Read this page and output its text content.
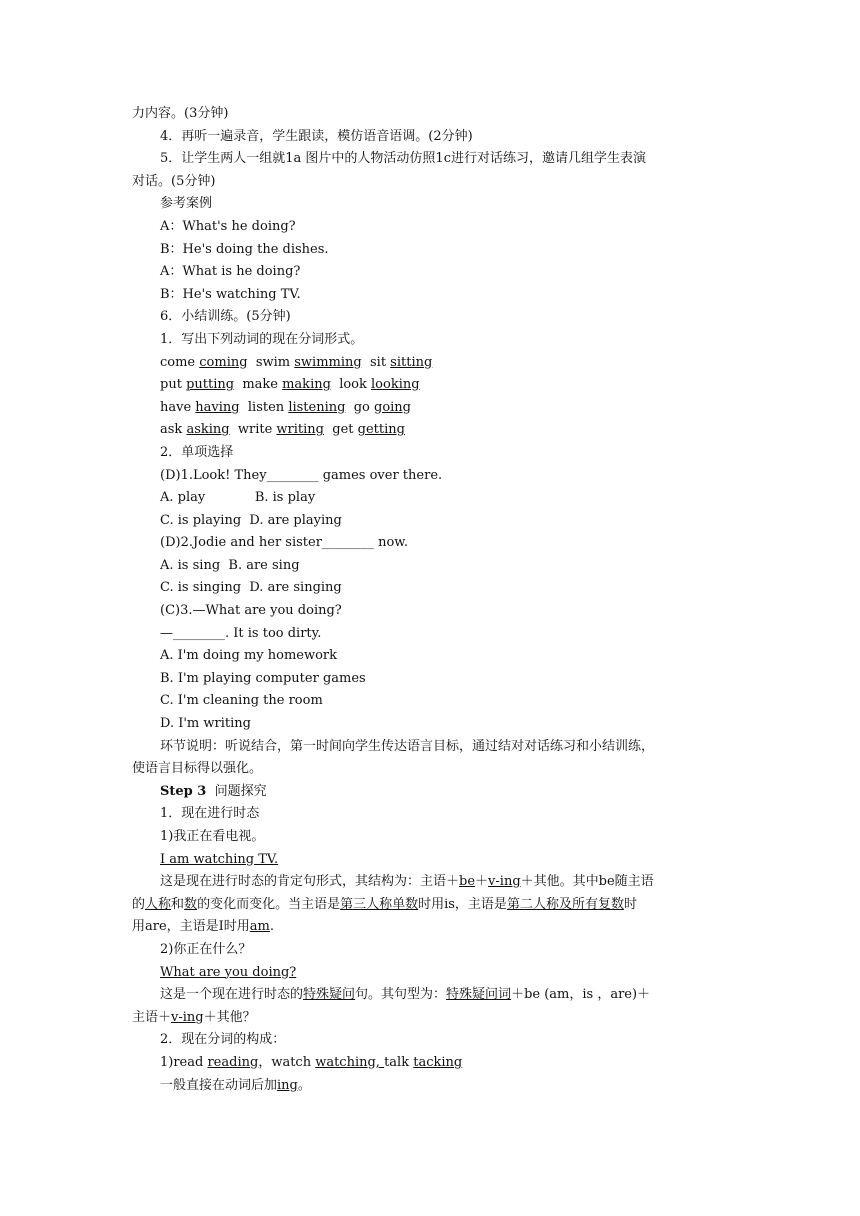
力内容。(3分钟)
4．再听一遍录音，学生跟读，模仿语音语调。(2分钟)
5．让学生两人一组就1a 图片中的人物活动仿照1c进行对话练习，邀请几组学生表演
对话。(5分钟)
参考案例
A：What's he doing?
B：He's doing the dishes.
A：What is he doing?
B：He's watching TV.
6．小结训练。(5分钟)
1．写出下列动词的现在分词形式。
come coming swim swimming sit sitting
put putting make making look looking
have having listen listening go going
ask asking write writing get getting
2．单项选择
(D)1.Look! They________ games over there.
A. play            B. is play
C. is playing  D. are playing
(D)2.Jodie and her sister________ now.
A. is sing  B. are sing
C. is singing  D. are singing
(C)3.—What are you doing?
—________. It is too dirty.
A. I'm doing my homework
B. I'm playing computer games
C. I'm cleaning the room
D. I'm writing
环节说明：听说结合，第一时间向学生传达语言目标，通过结对对话练习和小结训练，
使语言目标得以强化。
Step 3  问题探究
1．现在进行时态
1)我正在看电视。
I am watching TV.
这是现在进行时态的肯定句形式，其结构为：主语＋be＋v-ing＋其他。其中be随主语
的人称和数的变化而变化。当主语是第三人称单数时用is，主语是第二人称及所有复数时
用are，主语是I时用am.
2)你正在什么？
What are you doing?
这是一个现在进行时态的特殊疑问句。其句型为：特殊疑问词＋be (am，is ，are)＋
主语＋v-ing＋其他？
2．现在分词的构成：
1)read reading，watch watching, talk tacking
一般直接在动词后加ing。
